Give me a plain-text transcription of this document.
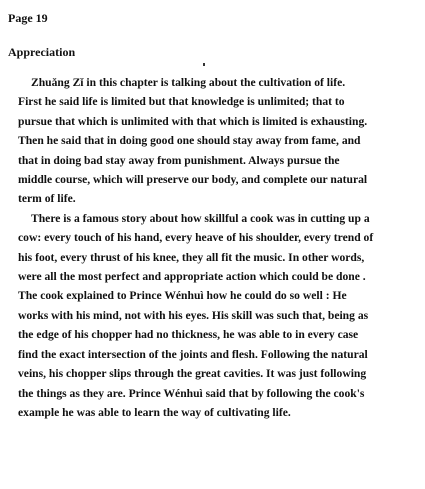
Page 19
Appreciation
Zhuǎng Zǐ in this chapter is talking about the cultivation of life.
First he said life is limited but that knowledge is unlimited; that to
pursue that which is unlimited with that which is limited is exhausting.
Then he said that in doing good one should stay away from fame, and
that in doing bad stay away from punishment. Always pursue the
middle course, which will preserve our body, and complete our natural
term of life.
There is a famous story about how skillful a cook was in cutting up a
cow: every touch of his hand, every heave of his shoulder, every trend of
his foot, every thrust of his knee, they all fit the music. In other words,
were all the most perfect and appropriate action which could be done .
The cook explained to Prince Wénhuì how he could do so well : He
works with his mind, not with his eyes. His skill was such that, being as
the edge of his chopper had no thickness, he was able to in every case
find the exact intersection of the joints and flesh. Following the natural
veins, his chopper slips through the great cavities. It was just following
the things as they are. Prince Wénhuì said that by following the cook's
example he was able to learn the way of cultivating life.
